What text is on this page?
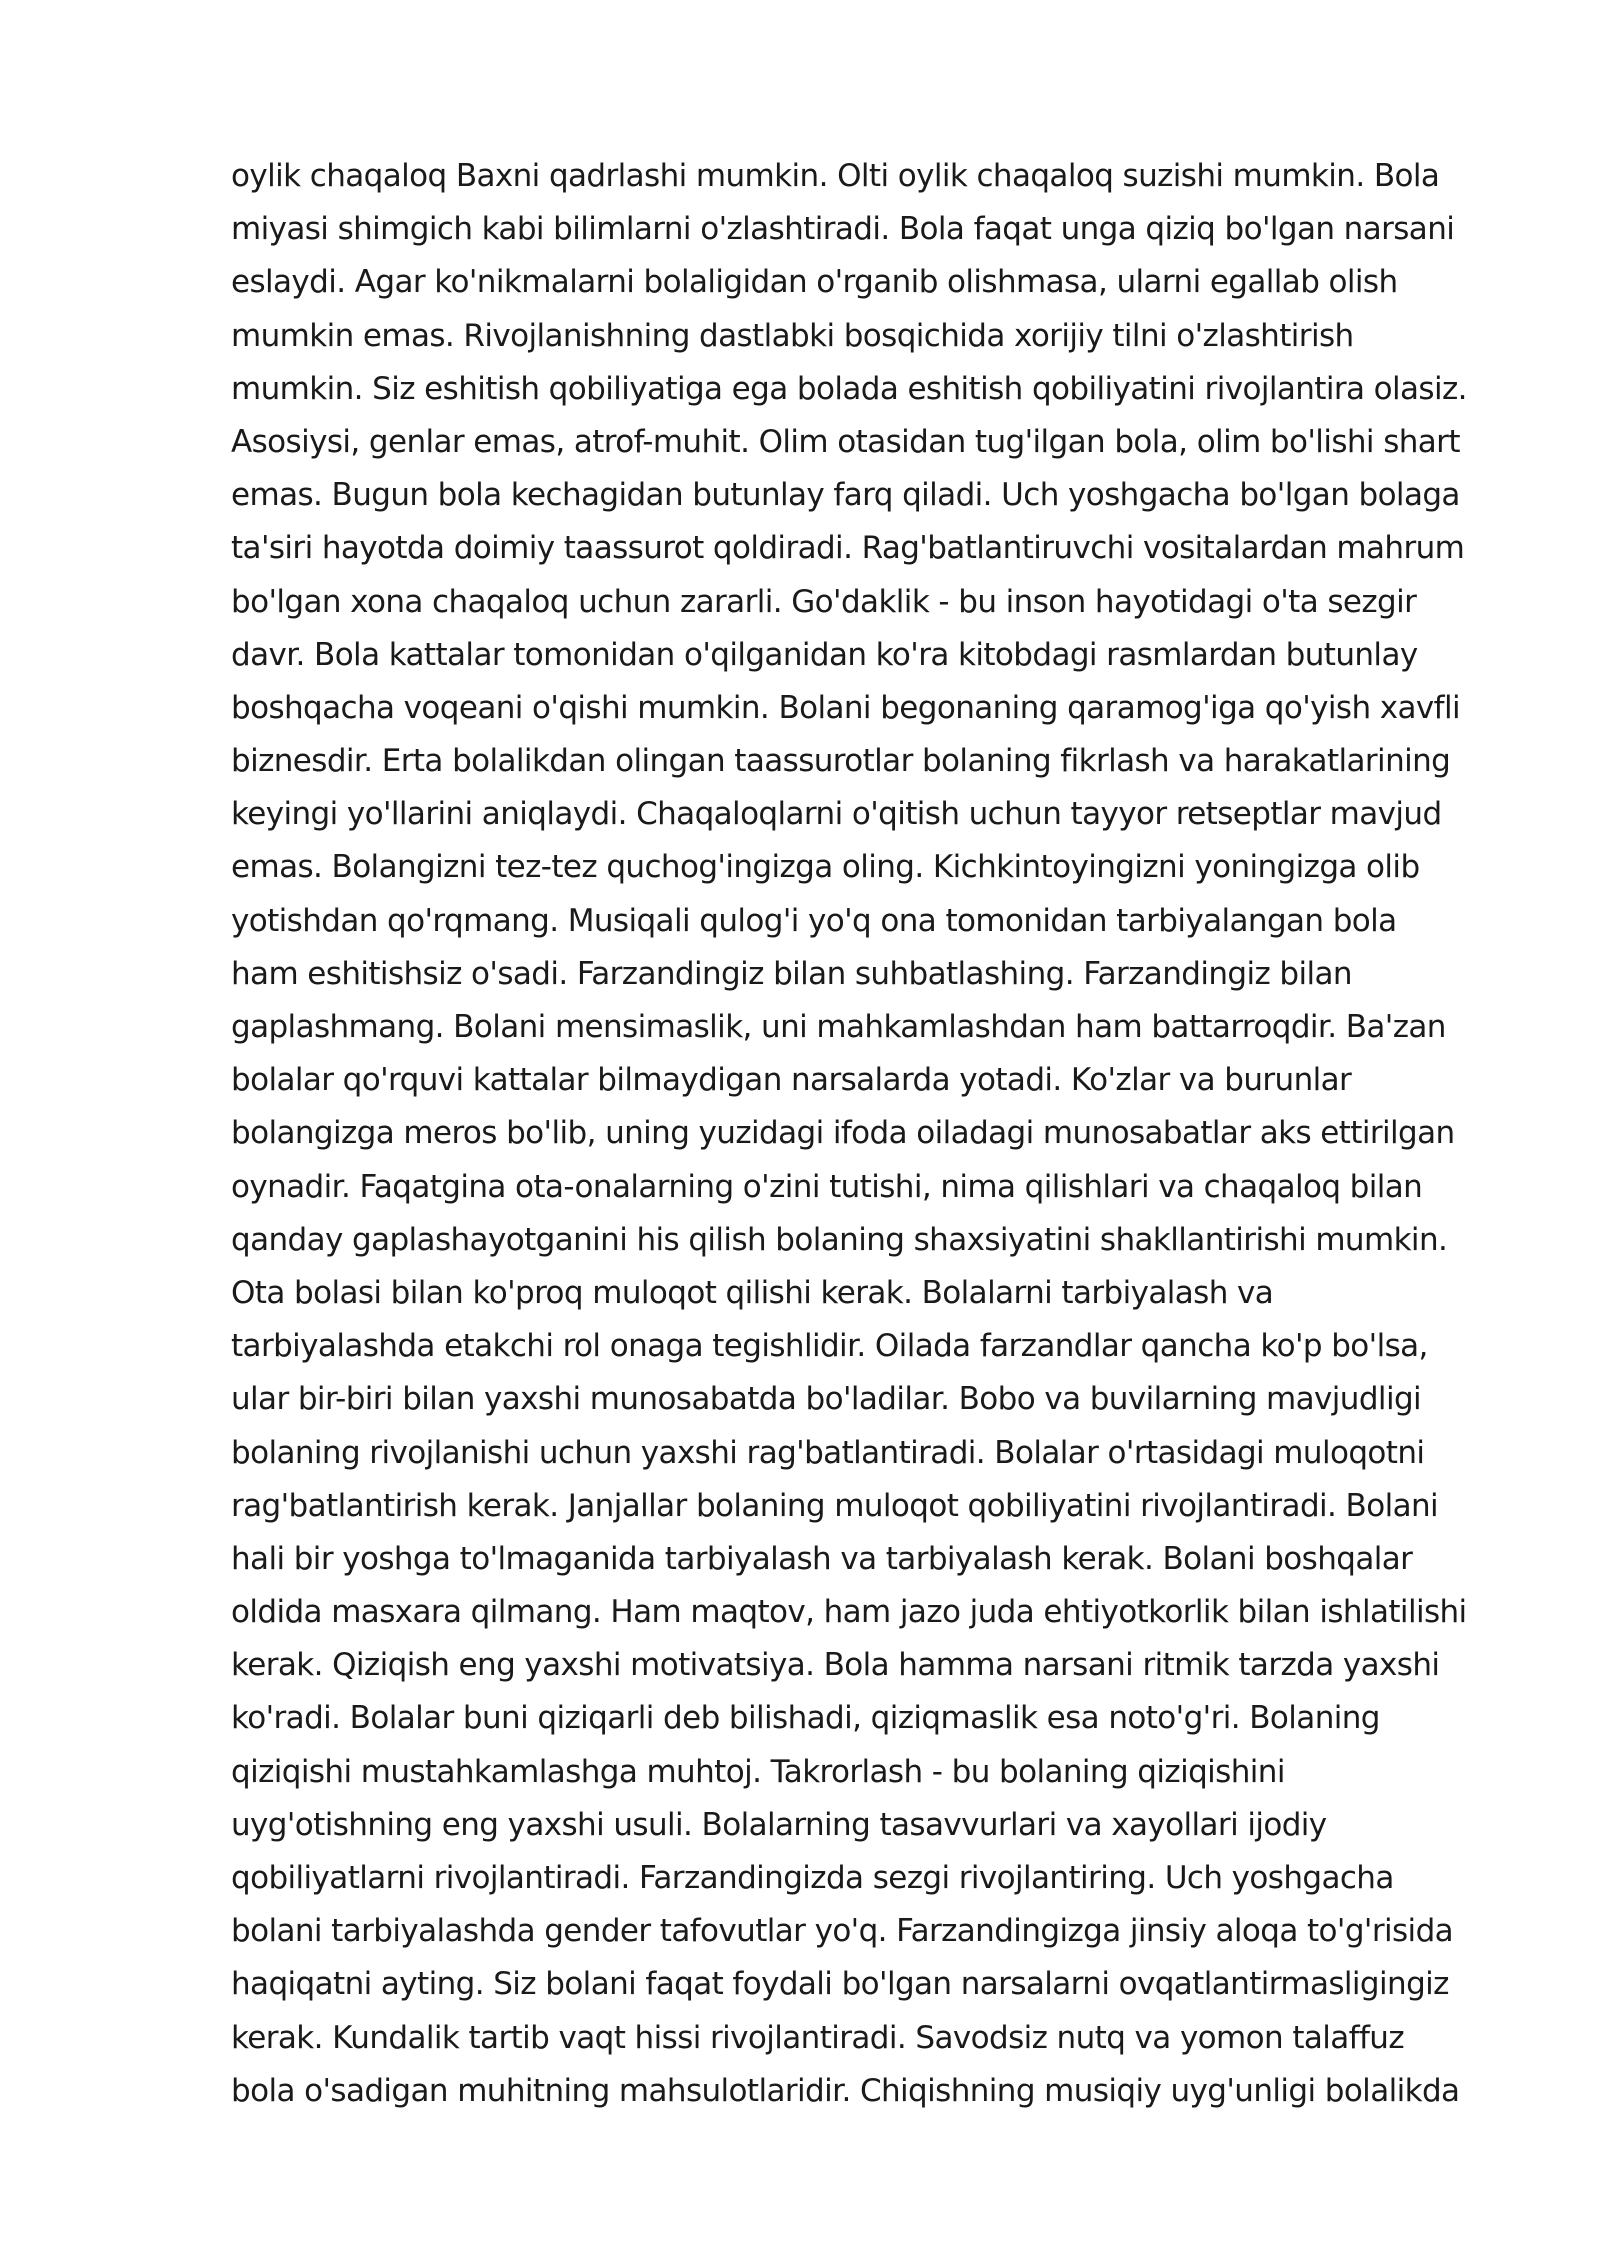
oylik chaqaloq Baxni qadrlashi mumkin. Olti oylik chaqaloq suzishi mumkin. Bola
miyasi shimgich kabi bilimlarni o'zlashtiradi. Bola faqat unga qiziq bo'lgan narsani
eslaydi. Agar ko'nikmalarni bolaligidan o'rganib olishmasa, ularni egallab olish
mumkin emas. Rivojlanishning dastlabki bosqichida xorijiy tilni o'zlashtirish
mumkin. Siz eshitish qobiliyatiga ega bolada eshitish qobiliyatini rivojlantira olasiz.
Asosiysi, genlar emas, atrof-muhit. Olim otasidan tug'ilgan bola, olim bo'lishi shart
emas. Bugun bola kechagidan butunlay farq qiladi. Uch yoshgacha bo'lgan bolaga
ta'siri hayotda doimiy taassurot qoldiradi. Rag'batlantiruvchi vositalardan mahrum
bo'lgan xona chaqaloq uchun zararli. Go'daklik - bu inson hayotidagi o'ta sezgir
davr. Bola kattalar tomonidan o'qilganidan ko'ra kitobdagi rasmlardan butunlay
boshqacha voqeani o'qishi mumkin. Bolani begonaning qaramog'iga qo'yish xavfli
biznesdir. Erta bolalikdan olingan taassurotlar bolaning fikrlash va harakatlarining
keyingi yo'llarini aniqlaydi. Chaqaloqlarni o'qitish uchun tayyor retseptlar mavjud
emas. Bolangizni tez-tez quchog'ingizga oling. Kichkintoyingizni yoningizga olib
yotishdan qo'rqmang. Musiqali qulog'i yo'q ona tomonidan tarbiyalangan bola
ham eshitishsiz o'sadi. Farzandingiz bilan suhbatlashing. Farzandingiz bilan
gaplashmang. Bolani mensimaslik, uni mahkamlashdan ham battarroqdir. Ba'zan
bolalar qo'rquvi kattalar bilmaydigan narsalarda yotadi. Ko'zlar va burunlar
bolangizga meros bo'lib, uning yuzidagi ifoda oiladagi munosabatlar aks ettirilgan
oynadir. Faqatgina ota-onalarning o'zini tutishi, nima qilishlari va chaqaloq bilan
qanday gaplashayotganini his qilish bolaning shaxsiyatini shakllantirishi mumkin.
Ota bolasi bilan ko'proq muloqot qilishi kerak. Bolalarni tarbiyalash va
tarbiyalashda etakchi rol onaga tegishlidir. Oilada farzandlar qancha ko'p bo'lsa,
ular bir-biri bilan yaxshi munosabatda bo'ladilar. Bobo va buvilarning mavjudligi
bolaning rivojlanishi uchun yaxshi rag'batlantiradi. Bolalar o'rtasidagi muloqotni
rag'batlantirish kerak. Janjallar bolaning muloqot qobiliyatini rivojlantiradi. Bolani
hali bir yoshga to'lmaganida tarbiyalash va tarbiyalash kerak. Bolani boshqalar
oldida masxara qilmang. Ham maqtov, ham jazo juda ehtiyotkorlik bilan ishlatilishi
kerak. Qiziqish eng yaxshi motivatsiya. Bola hamma narsani ritmik tarzda yaxshi
ko'radi. Bolalar buni qiziqarli deb bilishadi, qiziqmaslik esa noto'g'ri. Bolaning
qiziqishi mustahkamlashga muhtoj. Takrorlash - bu bolaning qiziqishini
uyg'otishning eng yaxshi usuli. Bolalarning tasavvurlari va xayollari ijodiy
qobiliyatlarni rivojlantiradi. Farzandingizda sezgi rivojlantiring. Uch yoshgacha
bolani tarbiyalashda gender tafovutlar yo'q. Farzandingizga jinsiy aloqa to'g'risida
haqiqatni ayting. Siz bolani faqat foydali bo'lgan narsalarni ovqatlantirmasligingiz
kerak. Kundalik tartib vaqt hissi rivojlantiradi. Savodsiz nutq va yomon talaffuz
bola o'sadigan muhitning mahsulotlaridir. Chiqishning musiqiy uyg'unligi bolalikda
